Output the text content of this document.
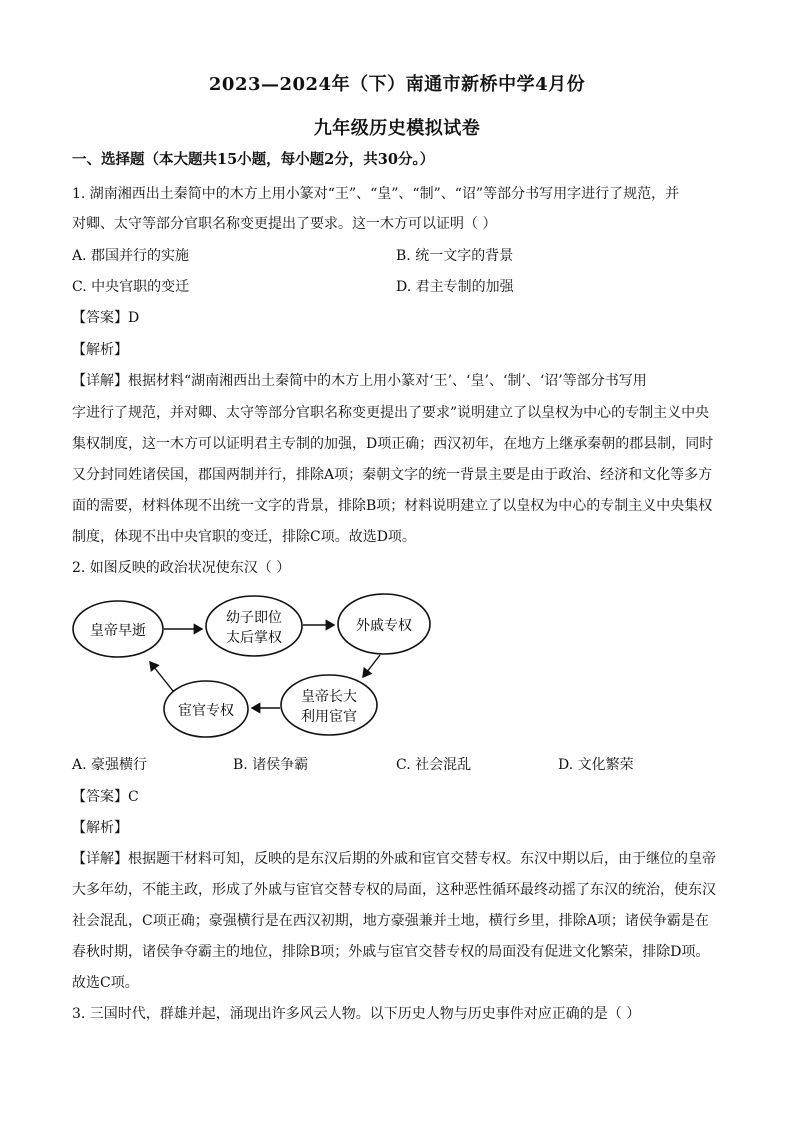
2023—2024年（下）南通市新桥中学4月份
九年级历史模拟试卷
一、选择题（本大题共15小题，每小题2分，共30分。）
1. 湖南湘西出土秦简中的木方上用小篆对“王”、“皇”、“制”、“诏”等部分书写用字进行了规范，并
对卿、太守等部分官职名称变更提出了要求。这一木方可以证明（ ）
A. 郡国并行的实施	B. 统一文字的背景
C. 中央官职的变迁	D. 君主专制的加强
【答案】D
【解析】
【详解】根据材料“湖南湘西出土秦简中的木方上用小篆对‘王’、‘皇’、‘制’、‘诏’等部分书写用
字进行了规范，并对卿、太守等部分官职名称变更提出了要求”说明建立了以皇权为中心的专制主义中央
集权制度，这一木方可以证明君主专制的加强，D项正确；西汉初年，在地方上继承秦朝的郡县制，同时
又分封同姓诸侯国，郡国两制并行，排除A项；秦朝文字的统一背景主要是由于政治、经济和文化等多方
面的需要，材料体现不出统一文字的背景，排除B项；材料说明建立了以皇权为中心的专制主义中央集权
制度，体现不出中央官职的变迁，排除C项。故选D项。
2. 如图反映的政治状况使东汉（ ）
皇帝早逝
幼子即位
太后掌权
外戚专权
皇帝长大
利用宦官
宦官专权
A. 豪强横行	B. 诸侯争霸	C. 社会混乱	D. 文化繁荣
【答案】C
【解析】
【详解】根据题干材料可知，反映的是东汉后期的外戚和宦官交替专权。东汉中期以后，由于继位的皇帝
大多年幼，不能主政，形成了外戚与宦官交替专权的局面，这种恶性循环最终动摇了东汉的统治，使东汉
社会混乱，C项正确；豪强横行是在西汉初期，地方豪强兼并土地，横行乡里，排除A项；诸侯争霸是在
春秋时期，诸侯争夺霸主的地位，排除B项；外戚与宦官交替专权的局面没有促进文化繁荣，排除D项。
故选C项。
3. 三国时代，群雄并起，涌现出许多风云人物。以下历史人物与历史事件对应正确的是（ ）
